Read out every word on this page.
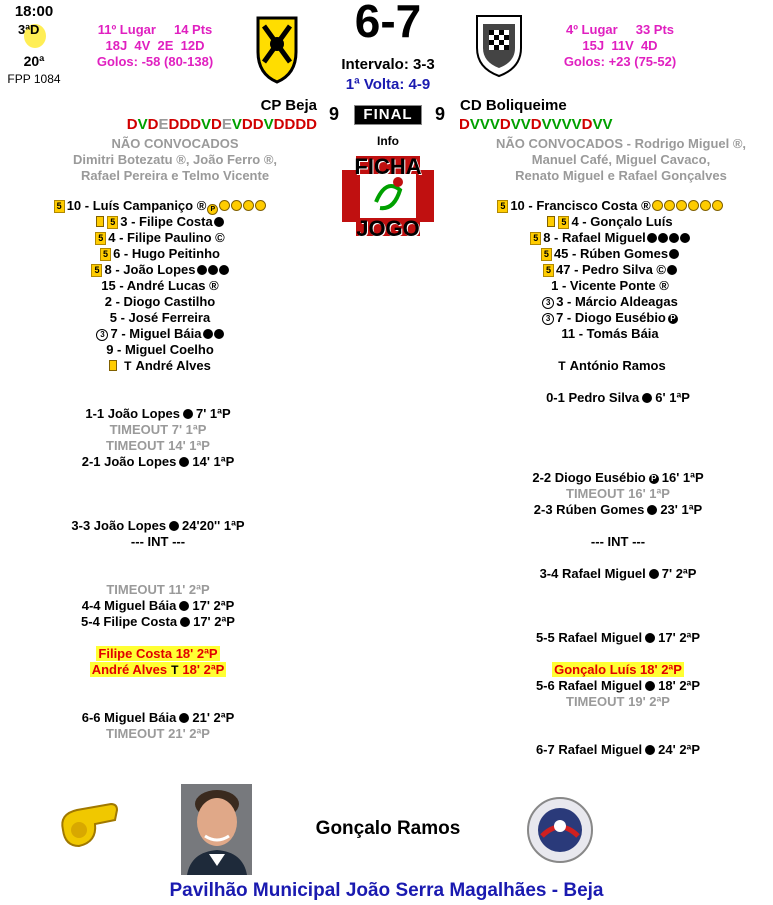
18:00
3ªD
20ª
FPP 1084
11º Lugar     14 Pts
18J  4V  2E  12D
Golos: -58 (80-138)
6-7
Intervalo: 3-3
1ª Volta: 4-9
4º Lugar     33 Pts
15J  11V  4D
Golos: +23 (75-52)
CP Beja 9	FINAL	9	CD Boliqueime
DVDEDDDVDEVDDVDDDD	DVVVDVVDVVVVDVV
Info
FICHA
JOGO
NÃO CONVOCADOS
Dimitri Botezatu ®, João Ferro ®,
Rafael Pereira e Telmo Vicente
NÃO CONVOCADOS - Rodrigo Miguel ®,
Manuel Café, Miguel Cavaco,
Renato Miguel e Rafael Gonçalves
5 10 - Luís Campaniço ® P
5 3 - Filipe Costa
5 4 - Filipe Paulino ©
5 6 - Hugo Peitinho
5 8 - João Lopes
15 - André Lucas ®
2 - Diogo Castilho
5 - José Ferreira
3 7 - Miguel Báia
9 - Miguel Coelho
T André Alves
5 10 - Francisco Costa ®
5 4 - Gonçalo Luís
5 8 - Rafael Miguel
5 45 - Rúben Gomes
5 47 - Pedro Silva ©
1 - Vicente Ponte ®
3 3 - Márcio Aldeagas
3 7 - Diogo Eusébio P
11 - Tomás Báia
T António Ramos
1-1 João Lopes 7' 1ªP
TIMEOUT 7' 1ªP
TIMEOUT 14' 1ªP
2-1 João Lopes 14' 1ªP
3-3 João Lopes 24'20'' 1ªP
--- INT ---
TIMEOUT 11' 2ªP
4-4 Miguel Báia 17' 2ªP
5-4 Filipe Costa 17' 2ªP
Filipe Costa 18' 2ªP
André Alves T 18' 2ªP
6-6 Miguel Báia 21' 2ªP
TIMEOUT 21' 2ªP
0-1 Pedro Silva 6' 1ªP
2-2 Diogo Eusébio P 16' 1ªP
TIMEOUT 16' 1ªP
2-3 Rúben Gomes 23' 1ªP
--- INT ---
3-4 Rafael Miguel 7' 2ªP
5-5 Rafael Miguel 17' 2ªP
Gonçalo Luís 18' 2ªP
5-6 Rafael Miguel 18' 2ªP
TIMEOUT 19' 2ªP
6-7 Rafael Miguel 24' 2ªP
Gonçalo Ramos
Pavilhão Municipal João Serra Magalhães - Beja
